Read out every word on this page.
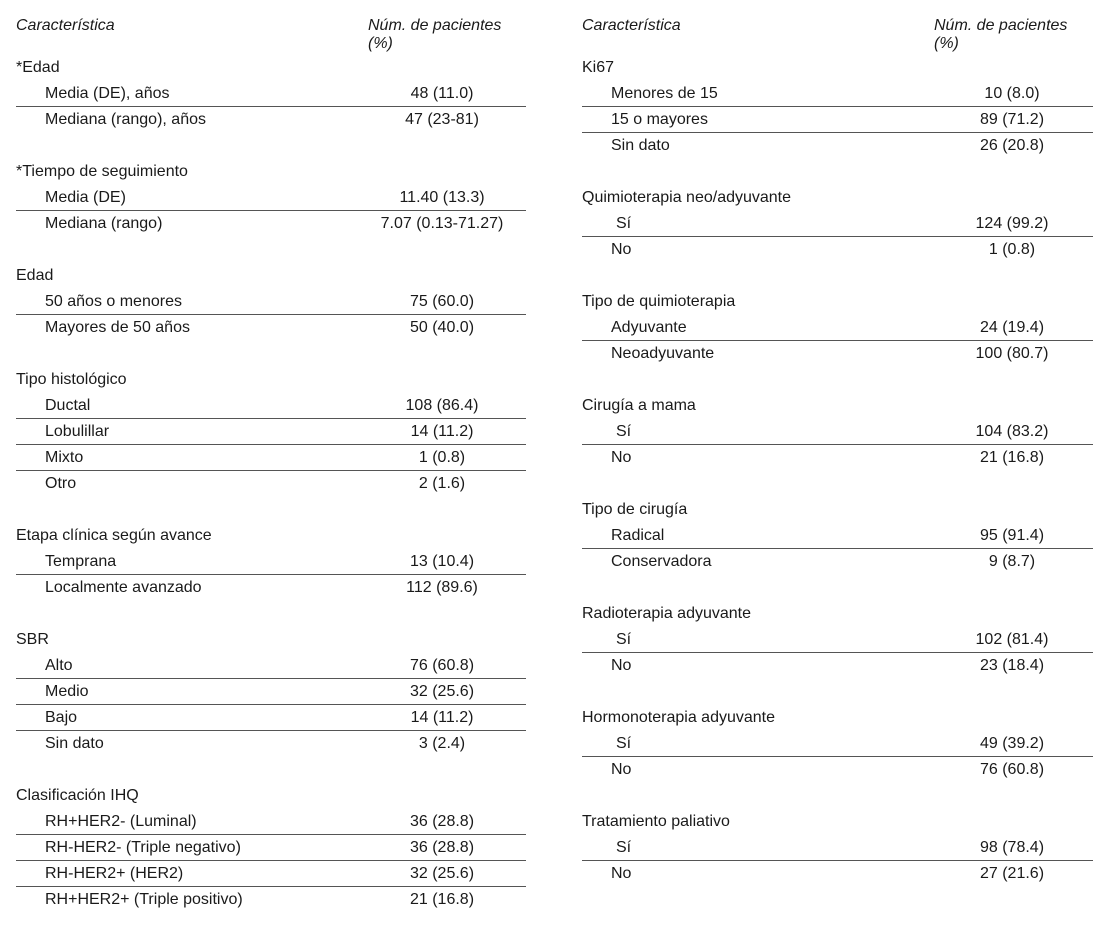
Característica	Núm. de pacientes (%)
*Edad
Media (DE), años	48 (11.0)
Mediana (rango), años	47 (23-81)
*Tiempo de seguimiento
Media (DE)	11.40 (13.3)
Mediana (rango)	7.07 (0.13-71.27)
Edad
50 años o menores	75 (60.0)
Mayores de 50 años	50 (40.0)
Tipo histológico
Ductal	108 (86.4)
Lobulillar	14 (11.2)
Mixto	1 (0.8)
Otro	2 (1.6)
Etapa clínica según avance
Temprana	13 (10.4)
Localmente avanzado	112 (89.6)
SBR
Alto	76 (60.8)
Medio	32 (25.6)
Bajo	14 (11.2)
Sin dato	3 (2.4)
Clasificación IHQ
RH+HER2- (Luminal)	36 (28.8)
RH-HER2- (Triple negativo)	36 (28.8)
RH-HER2+ (HER2)	32 (25.6)
RH+HER2+ (Triple positivo)	21 (16.8)
Característica	Núm. de pacientes (%)
Ki67
Menores de 15	10 (8.0)
15 o mayores	89 (71.2)
Sin dato	26 (20.8)
Quimioterapia neo/adyuvante
Sí	124 (99.2)
No	1 (0.8)
Tipo de quimioterapia
Adyuvante	24 (19.4)
Neoadyuvante	100 (80.7)
Cirugía a mama
Sí	104 (83.2)
No	21 (16.8)
Tipo de cirugía
Radical	95 (91.4)
Conservadora	9 (8.7)
Radioterapia adyuvante
Sí	102 (81.4)
No	23 (18.4)
Hormonoterapia adyuvante
Sí	49 (39.2)
No	76 (60.8)
Tratamiento paliativo
Sí	98 (78.4)
No	27 (21.6)
